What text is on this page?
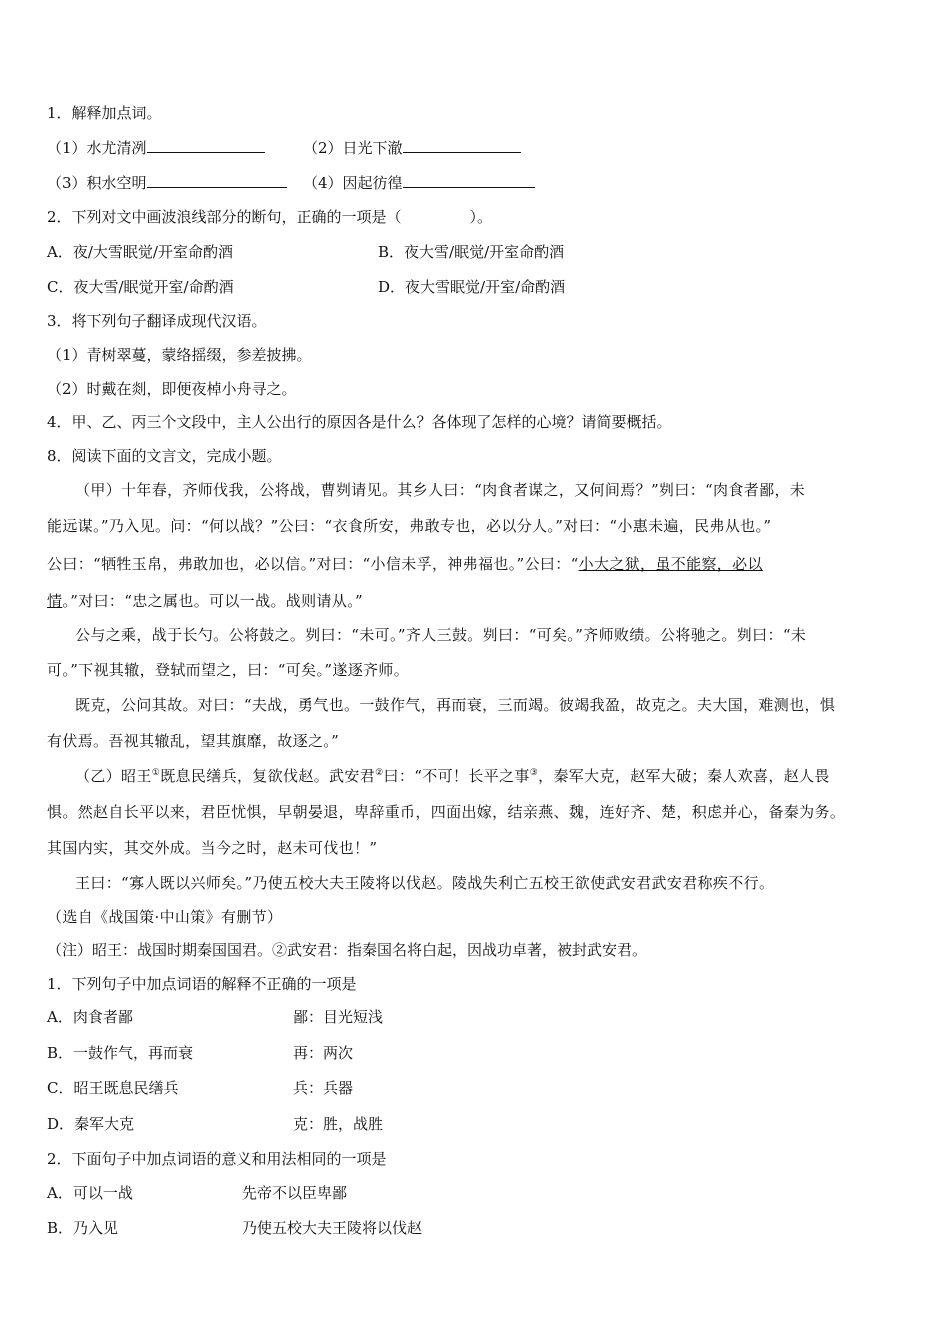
1．解释加点词。
（1）水尤清冽	（2）日光下澈
（3）积水空明	（4）因起彷徨
2．下列对文中画波浪线部分的断句，正确的一项是（	）。
A．夜/大雪眠觉/开室命酌酒	B．夜大雪/眠觉/开室命酌酒
C．夜大雪/眠觉开室/命酌酒	D．夜大雪眠觉/开室/命酌酒
3．将下列句子翻译成现代汉语。
（1）青树翠蔓，蒙络摇缀，参差披拂。
（2）时戴在剡，即便夜棹小舟寻之。
4．甲、乙、丙三个文段中，主人公出行的原因各是什么？各体现了怎样的心境？请简要概括。
8．阅读下面的文言文，完成小题。
（甲）十年春，齐师伐我，公将战，曹刿请见。其乡人曰：“肉食者谋之，又何间焉？”刿曰：“肉食者鄙，未
能远谋。”乃入见。问：“何以战？”公曰：“衣食所安，弗敢专也，必以分人。”对曰：“小惠未遍，民弗从也。”
公曰：“牺牲玉帛，弗敢加也，必以信。”对曰：“小信未孚，神弗福也。”公曰：“小大之狱，虽不能察，必以
情。”对曰：“忠之属也。可以一战。战则请从。”
公与之乘，战于长勺。公将鼓之。刿曰：“未可。”齐人三鼓。刿曰：“可矣。”齐师败绩。公将驰之。刿曰：“未
可。”下视其辙，登轼而望之，曰：“可矣。”遂逐齐师。
既克，公问其故。对曰：“夫战，勇气也。一鼓作气，再而衰，三而竭。彼竭我盈，故克之。夫大国，难测也，惧
有伏焉。吾视其辙乱，望其旗靡，故逐之。”
（乙）昭王①既息民缮兵，复欲伐赵。武安君②曰：“不可！长平之事③，秦军大克，赵军大破；秦人欢喜，赵人畏
惧。然赵自长平以来，君臣忧惧，早朝晏退，卑辞重币，四面出嫁，结亲燕、魏，连好齐、楚，积虑并心，备秦为务。
其国内实，其交外成。当今之时，赵未可伐也！”
王曰：“寡人既以兴师矣。”乃使五校大夫王陵将以伐赵。陵战失利亡五校王欲使武安君武安君称疾不行。
（选自《战国策·中山策》有删节）
（注）昭王：战国时期秦国国君。②武安君：指秦国名将白起，因战功卓著，被封武安君。
1．下列句子中加点词语的解释不正确的一项是
A．肉食者鄙	鄙：目光短浅
B．一鼓作气，再而衰	再：两次
C．昭王既息民缮兵	兵：兵器
D．秦军大克	克：胜，战胜
2．下面句子中加点词语的意义和用法相同的一项是
A．可以一战	先帝不以臣卑鄙
B．乃入见	乃使五校大夫王陵将以伐赵
